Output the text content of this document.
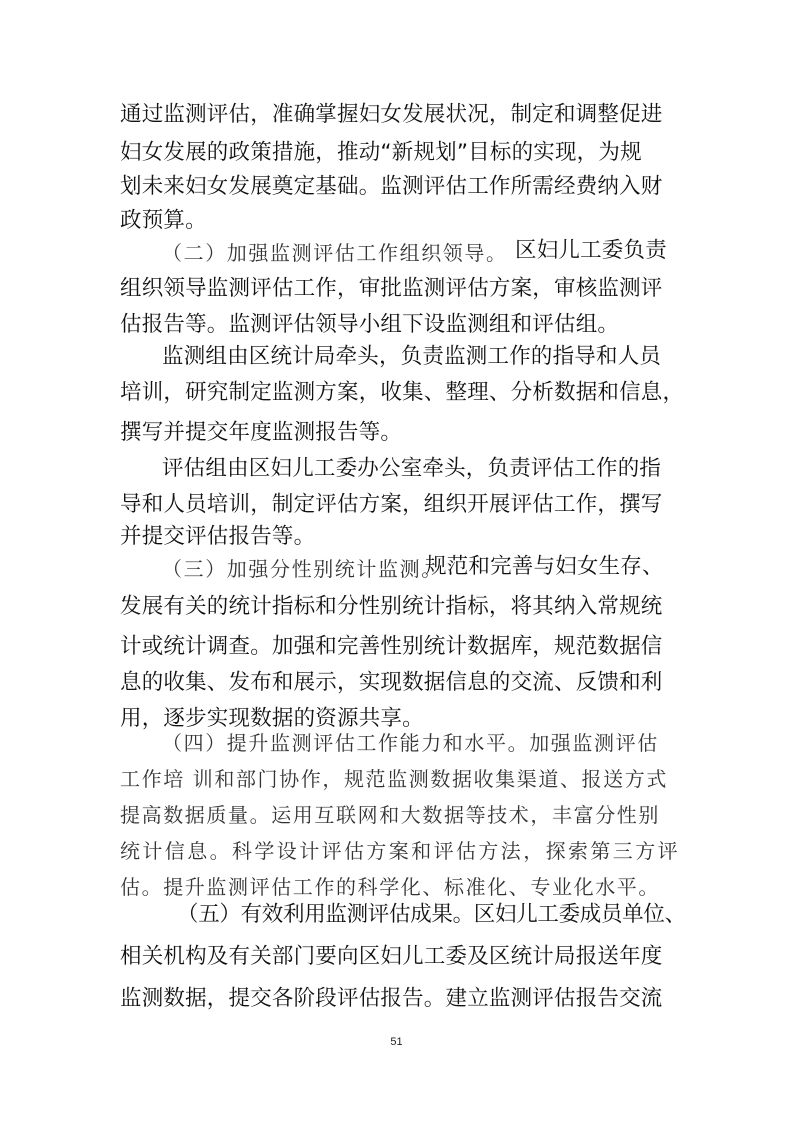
通过监测评估，准确掌握妇女发展状况，制定和调整促进
妇女发展的政策措施，推动“新规划”目标的实现，为规
划未来妇女发展奠定基础。监测评估工作所需经费纳入财
政预算。
（二）加强监测评估工作组织领导。 区妇儿工委负责
组织领导监测评估工作，审批监测评估方案，审核监测评
估报告等。监测评估领导小组下设监测组和评估组。
监测组由区统计局牵头，负责监测工作的指导和人员
培训，研究制定监测方案，收集、整理、分析数据和信息，
撰写并提交年度监测报告等。
评估组由区妇儿工委办公室牵头，负责评估工作的指
导和人员培训，制定评估方案，组织开展评估工作，撰写
并提交评估报告等。
（三）加强分性别统计监测。
规范和完善与妇女生存、
发展有关的统计指标和分性别统计指标，将其纳入常规统
计或统计调查。加强和完善性别统计数据库，规范数据信
息的收集、发布和展示，实现数据信息的交流、反馈和利
用，逐步实现数据的资源共享。
（四）提升监测评估工作能力和水平。加强监测评估
工作培 训和部门协作，规范监测数据收集渠道、报送方式
提高数据质量。运用互联网和大数据等技术，丰富分性别
统计信息。科学设计评估方案和评估方法，探索第三方评
估。提升监测评估工作的科学化、标准化、专业化水平。
（五）有效利用监测评估成果。区妇儿工委成员单位、
51
相关机构及有关部门要向区妇儿工委及区统计局报送年度
监测数据，提交各阶段评估报告。建立监测评估报告交流
